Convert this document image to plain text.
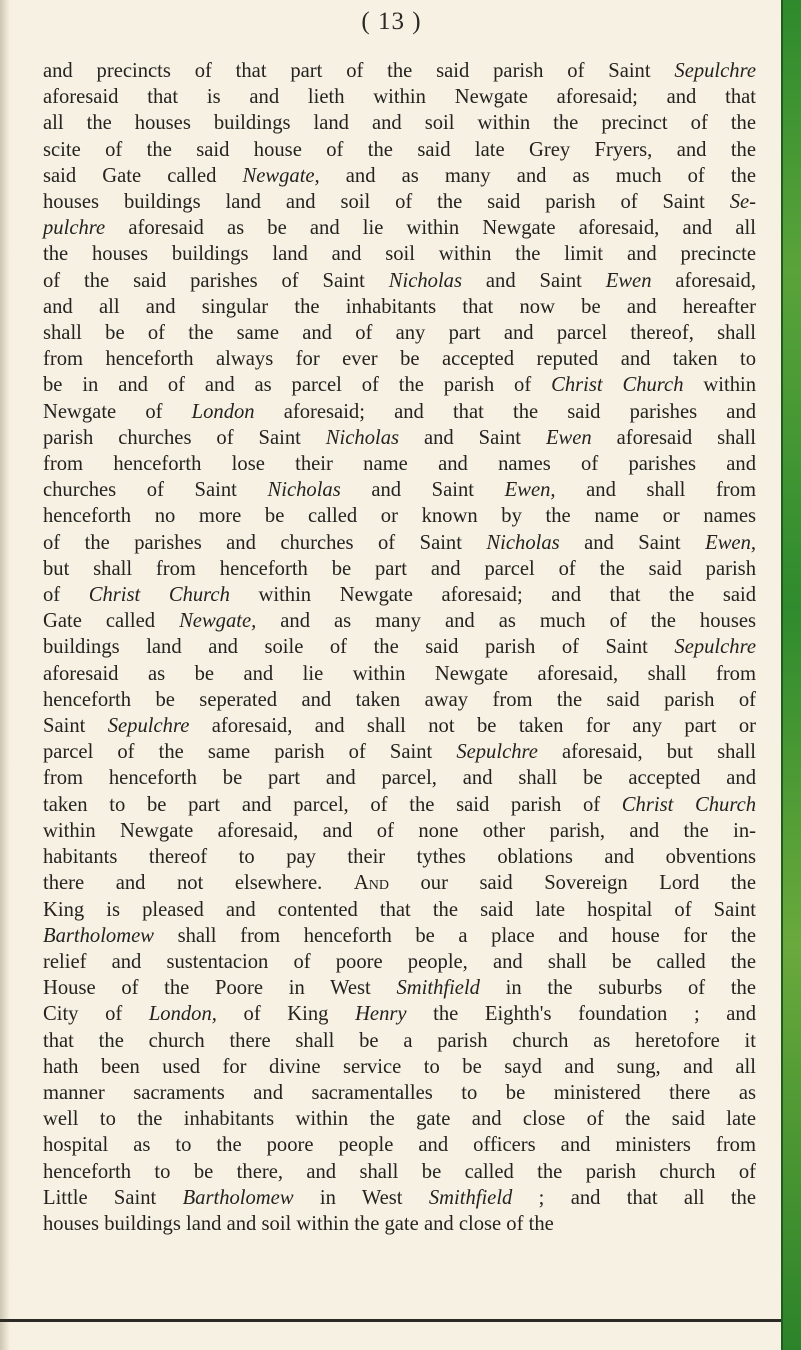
( 13 )
and precincts of that part of the said parish of Saint Sepulchre
aforesaid that is and lieth within Newgate aforesaid; and that
all the houses buildings land and soil within the precinct of the
scite of the said house of the said late Grey Fryers, and the
said Gate called Newgate, and as many and as much of the
houses buildings land and soil of the said parish of Saint Se-
pulchre aforesaid as be and lie within Newgate aforesaid, and all
the houses buildings land and soil within the limit and precincte
of the said parishes of Saint Nicholas and Saint Ewen aforesaid,
and all and singular the inhabitants that now be and hereafter
shall be of the same and of any part and parcel thereof, shall
from henceforth always for ever be accepted reputed and taken to
be in and of and as parcel of the parish of Christ Church within
Newgate of London aforesaid; and that the said parishes and
parish churches of Saint Nicholas and Saint Ewen aforesaid shall
from henceforth lose their name and names of parishes and
churches of Saint Nicholas and Saint Ewen, and shall from
henceforth no more be called or known by the name or names
of the parishes and churches of Saint Nicholas and Saint Ewen,
but shall from henceforth be part and parcel of the said parish
of Christ Church within Newgate aforesaid; and that the said
Gate called Newgate, and as many and as much of the houses
buildings land and soile of the said parish of Saint Sepulchre
aforesaid as be and lie within Newgate aforesaid, shall from
henceforth be seperated and taken away from the said parish of
Saint Sepulchre aforesaid, and shall not be taken for any part or
parcel of the same parish of Saint Sepulchre aforesaid, but shall
from henceforth be part and parcel, and shall be accepted and
taken to be part and parcel, of the said parish of Christ Church
within Newgate aforesaid, and of none other parish, and the in-
habitants thereof to pay their tythes oblations and obventions
there and not elsewhere. And our said Sovereign Lord the
King is pleased and contented that the said late hospital of Saint
Bartholomew shall from henceforth be a place and house for the
relief and sustentacion of poore people, and shall be called the
House of the Poore in West Smithfield in the suburbs of the
City of London, of King Henry the Eighth's foundation ; and
that the church there shall be a parish church as heretofore it
hath been used for divine service to be sayd and sung, and all
manner sacraments and sacramentalles to be ministered there as
well to the inhabitants within the gate and close of the said late
hospital as to the poore people and officers and ministers from
henceforth to be there, and shall be called the parish church of
Little Saint Bartholomew in West Smithfield ; and that all the
houses buildings land and soil within the gate and close of the
